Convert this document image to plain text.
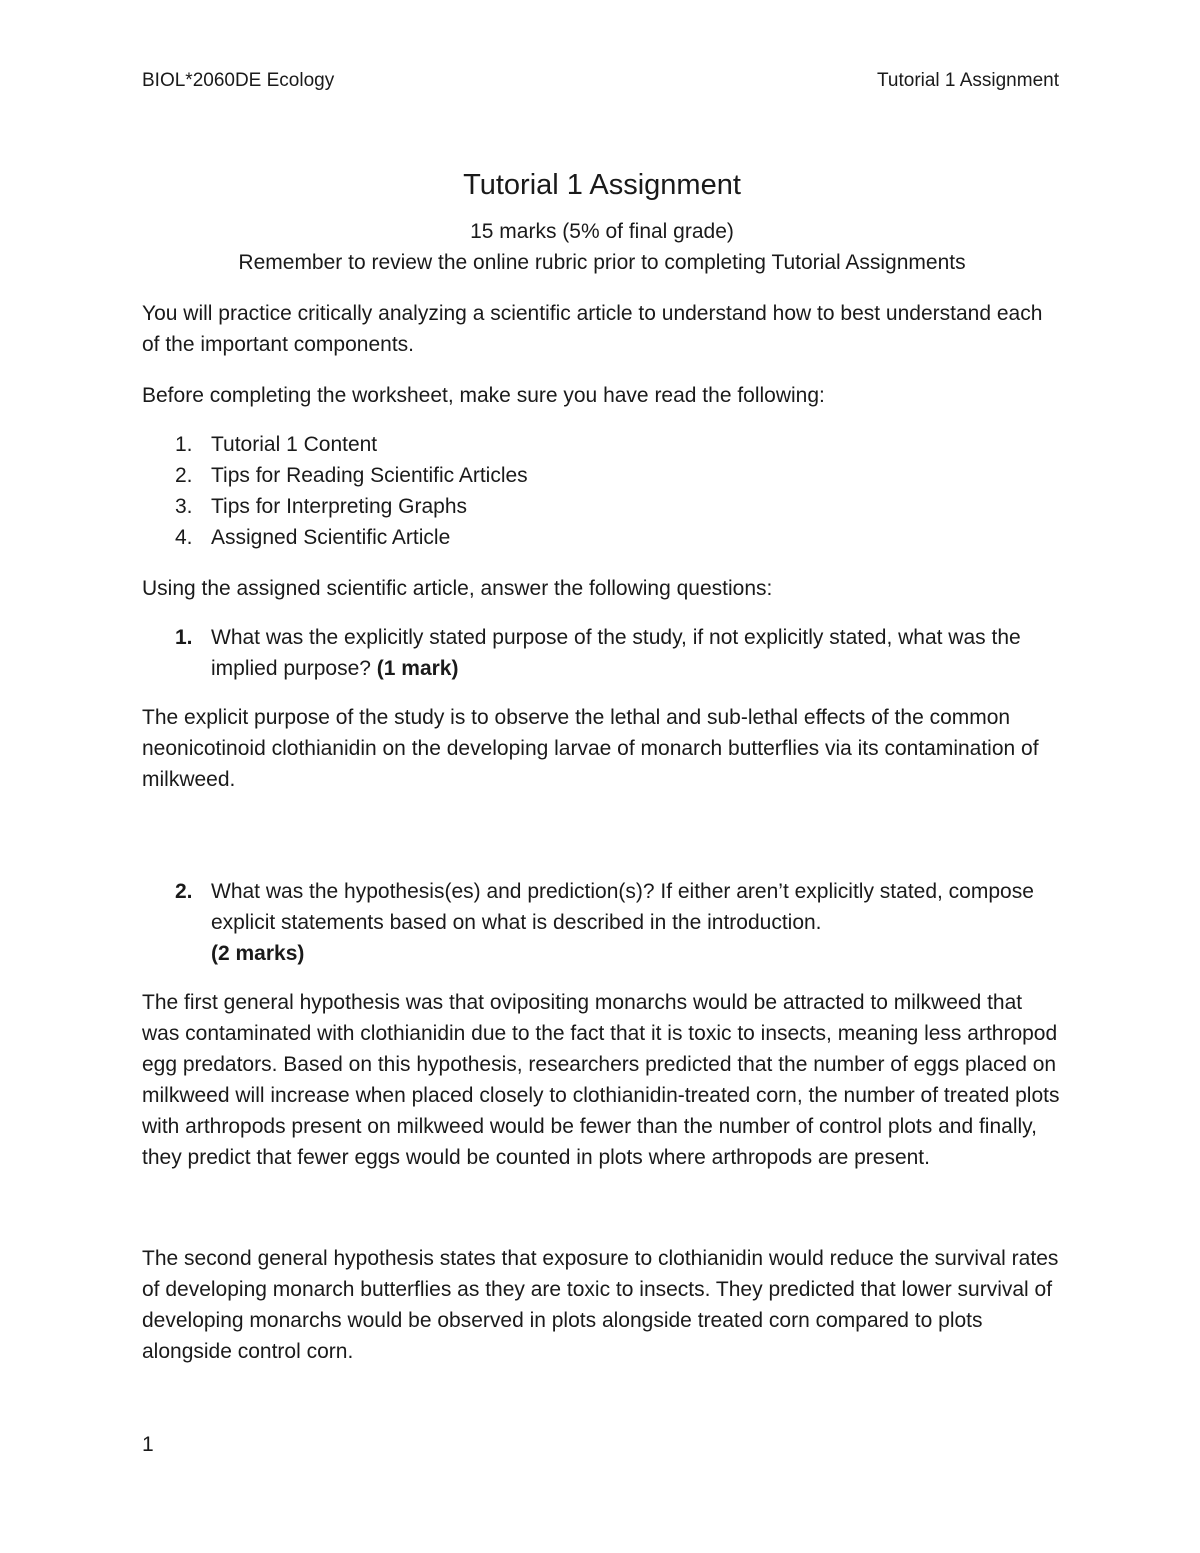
BIOL*2060DE Ecology	Tutorial 1 Assignment
Tutorial 1 Assignment

15 marks (5% of final grade)

Remember to review the online rubric prior to completing Tutorial Assignments

You will practice critically analyzing a scientific article to understand how to best understand each of the important components.

Before completing the worksheet, make sure you have read the following:

1. Tutorial 1 Content
2. Tips for Reading Scientific Articles
3. Tips for Interpreting Graphs
4. Assigned Scientific Article

Using the assigned scientific article, answer the following questions:

1. What was the explicitly stated purpose of the study, if not explicitly stated, what was the implied purpose? (1 mark)

The explicit purpose of the study is to observe the lethal and sub-lethal effects of the common neonicotinoid clothianidin on the developing larvae of monarch butterflies via its contamination of milkweed.

2. What was the hypothesis(es) and prediction(s)? If either aren’t explicitly stated, compose explicit statements based on what is described in the introduction.
(2 marks)

The first general hypothesis was that ovipositing monarchs would be attracted to milkweed that was contaminated with clothianidin due to the fact that it is toxic to insects, meaning less arthropod egg predators. Based on this hypothesis, researchers predicted that the number of eggs placed on milkweed will increase when placed closely to clothianidin-treated corn, the number of treated plots with arthropods present on milkweed would be fewer than the number of control plots and finally, they predict that fewer eggs would be counted in plots where arthropods are present.

The second general hypothesis states that exposure to clothianidin would reduce the survival rates of developing monarch butterflies as they are toxic to insects. They predicted that lower survival of developing monarchs would be observed in plots alongside treated corn compared to plots alongside control corn.

1
